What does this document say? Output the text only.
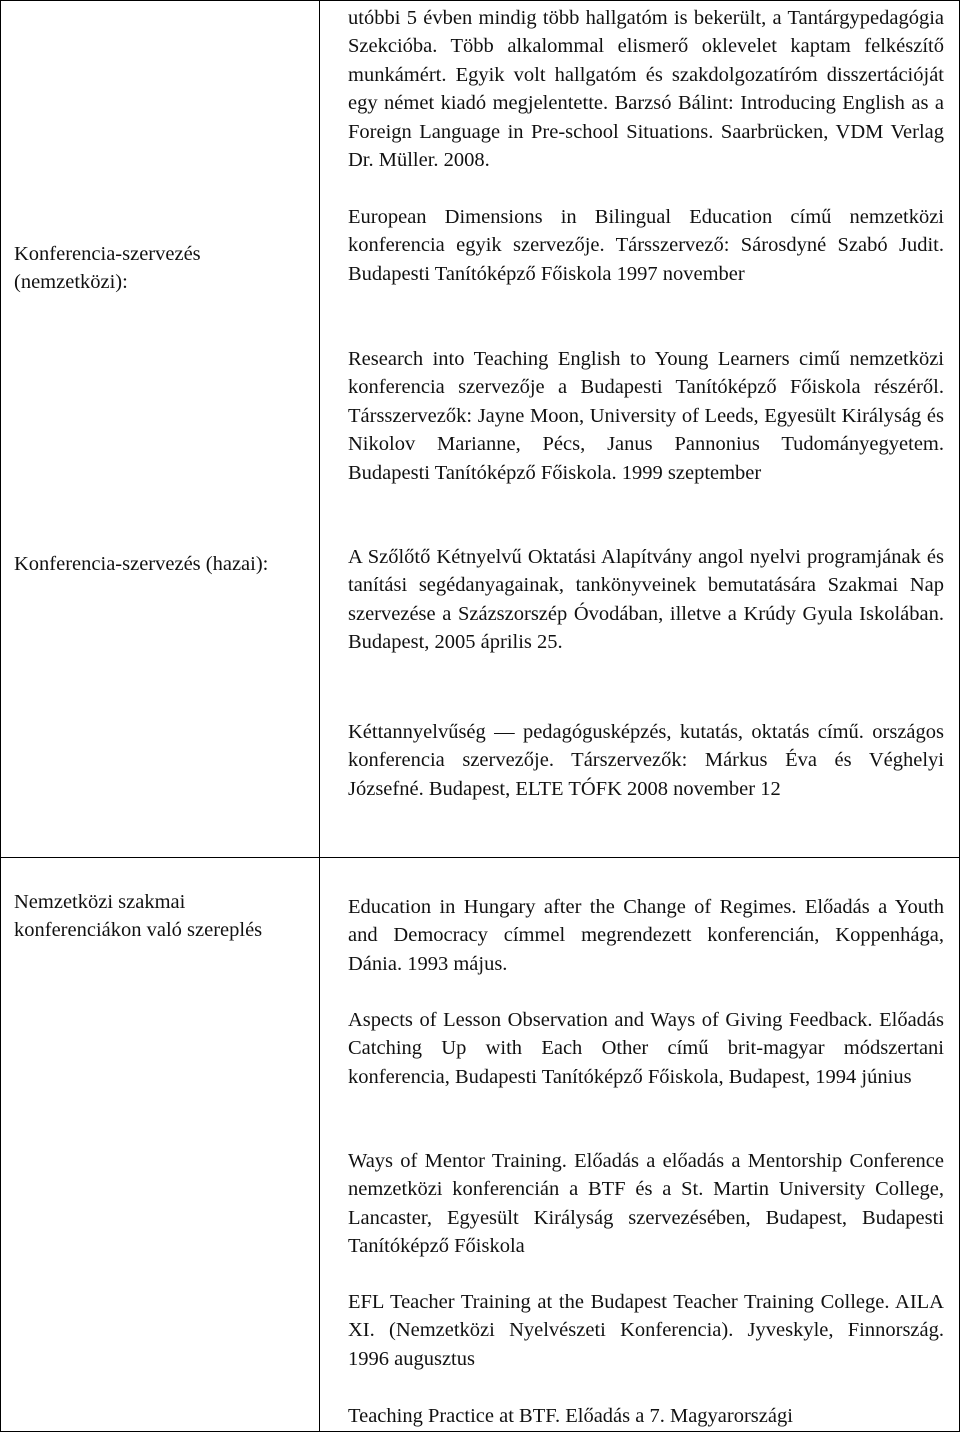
Konferencia-szervezés (nemzetközi):
utóbbi 5 évben mindig több hallgatóm is bekerült, a Tantárgypedagógia Szekcióba. Több alkalommal elismerő oklevelet kaptam felkészítő munkámért. Egyik volt hallgatóm és szakdolgozatíróm disszertációját egy német kiadó megjelentette. Barzsó Bálint: Introducing English as a Foreign Language in Pre-school Situations. Saarbrücken, VDM Verlag Dr. Müller. 2008.
European Dimensions in Bilingual Education című nemzetközi konferencia egyik szervezője. Társszervező: Sárosdyné Szabó Judit. Budapesti Tanítóképző Főiskola 1997 november
Konferencia-szervezés (hazai):
Research into Teaching English to Young Learners cimű nemzetközi konferencia szervezője a Budapesti Tanítóképző Főiskola részéről. Társszervezők: Jayne Moon, University of Leeds, Egyesült Királyság és Nikolov Marianne, Pécs, Janus Pannonius Tudományegyetem. Budapesti Tanítóképző Főiskola. 1999 szeptember
A Szőlőtő Kétnyelvű Oktatási Alapítvány angol nyelvi programjának és tanítási segédanyagainak, tankönyveinek bemutatására Szakmai Nap szervezése a Százszorszép Óvodában, illetve a Krúdy Gyula Iskolában. Budapest, 2005 április 25.
Kéttannyelvűség — pedagógusképzés, kutatás, oktatás című. országos konferencia szervezője. Társzervezők: Márkus Éva és Véghelyi Józsefné. Budapest, ELTE TÓFK 2008 november 12
Nemzetközi szakmai konferenciákon való szereplés
Education in Hungary after the Change of Regimes. Előadás a Youth and Democracy címmel megrendezett konferencián, Koppenhága, Dánia. 1993 május.
Aspects of Lesson Observation and Ways of Giving Feedback. Előadás Catching Up with Each Other című brit-magyar módszertani konferencia, Budapesti Tanítóképző Főiskola, Budapest, 1994 június
Ways of Mentor Training. Előadás a előadás a Mentorship Conference nemzetközi konferencián a BTF és a St. Martin University College, Lancaster, Egyesült Királyság szervezésében, Budapest, Budapesti Tanítóképző Főiskola
EFL Teacher Training at the Budapest Teacher Training College. AILA XI. (Nemzetközi Nyelvészeti Konferencia). Jyveskyle, Finnország. 1996 augusztus
Teaching Practice at BTF. Előadás a 7. Magyarországi
